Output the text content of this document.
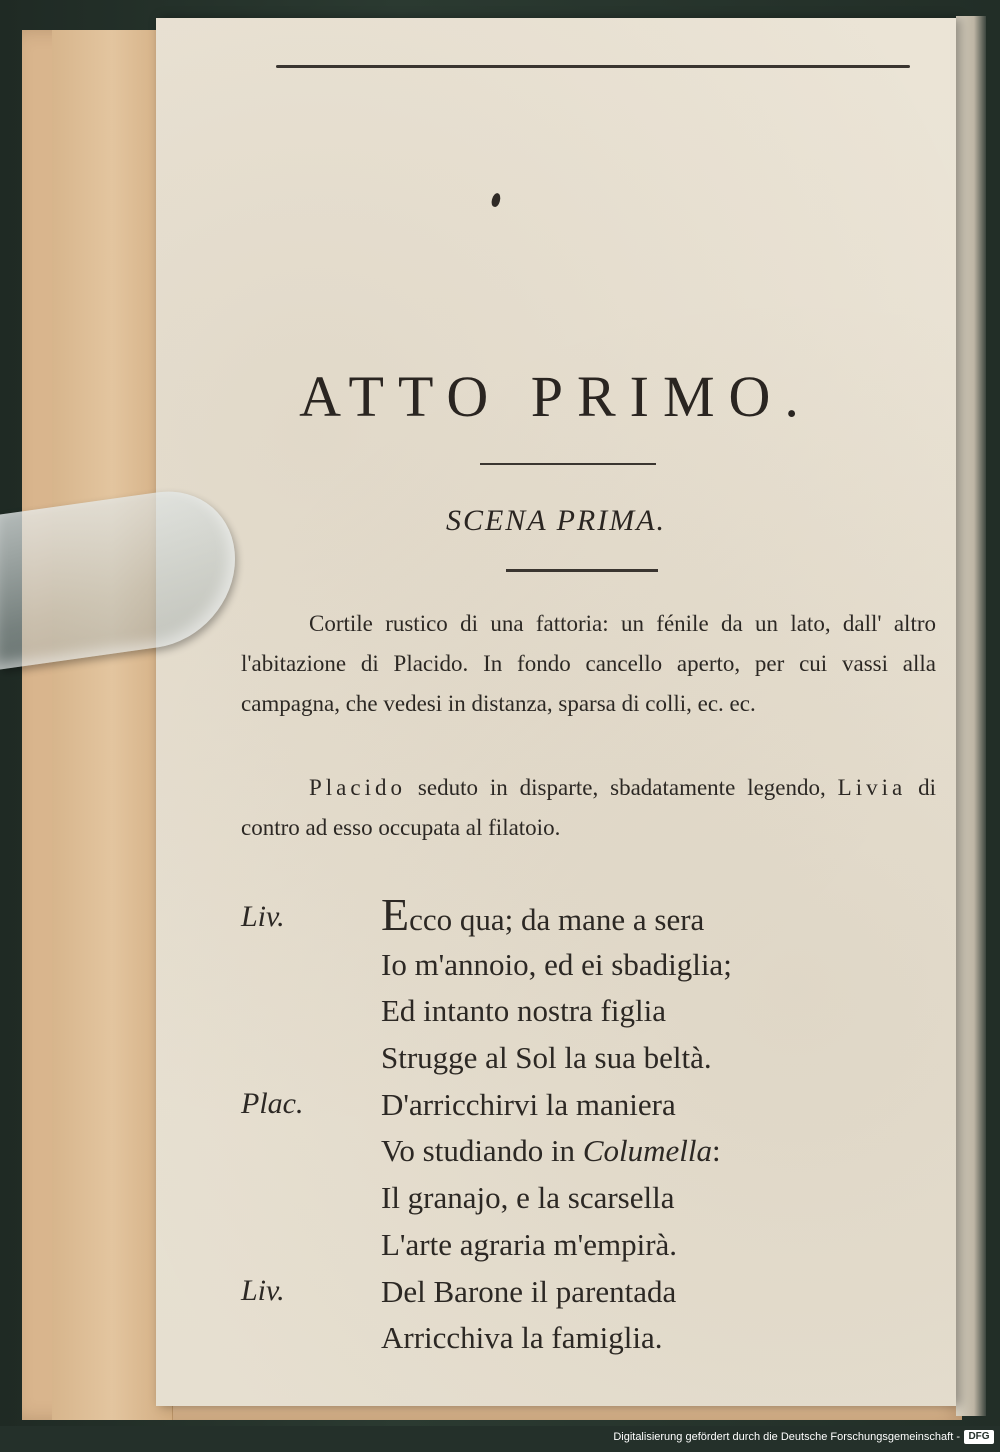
ATTO PRIMO.
SCENA PRIMA.

Cortile rustico di una fattoria: un fénile da un lato, dall' altro l'abitazione di Placido. In fondo cancello aperto, per cui vassi alla campagna, che vedesi in distanza, sparsa di colli, ec. ec.

Placido seduto in disparte, sbadatamente legendo, Livia di contro ad esso occupata al filatoio.

Liv. Ecco qua; da mane a sera
Io m'annoio, ed ei sbadiglia;
Ed intanto nostra figlia
Strugge al Sol la sua beltà.
Plac.	D'arricchirvi la maniera
Vo studiando in Columella:
Il granajo, e la scarsella
L'arte agraria m'empirà.
Liv.	Del Barone il parentada
Arricchiva la famiglia.
Digitalisierung gefördert durch die Deutsche Forschungsgemeinschaft - DFG
